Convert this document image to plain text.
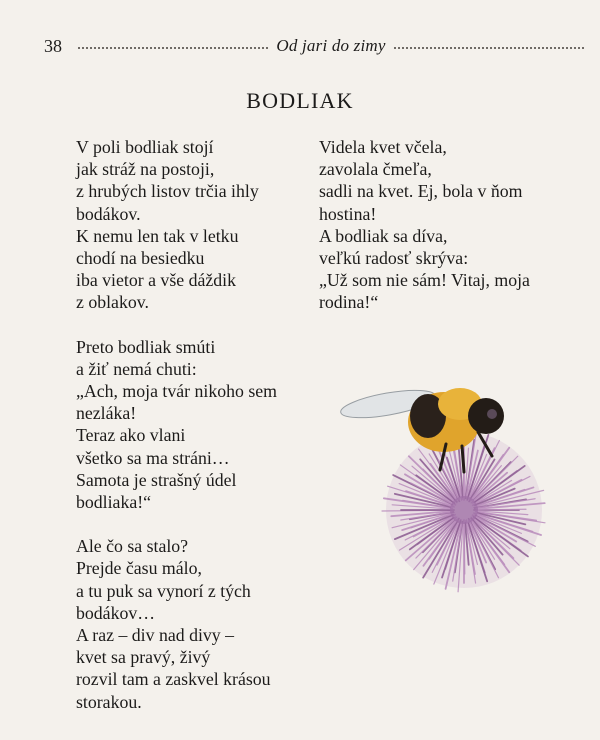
38	Od jari do zimy
BODLIAK
V poli bodliak stojí
jak stráž na postoji,
z hrubých listov trčia ihly
bodákov.
K nemu len tak v letku
chodí na besiedku
iba vietor a vše dáždik
z oblakov.
Preto bodliak smúti
a žiť nemá chuti:
„Ach, moja tvár nikoho sem
nezláka!
Teraz ako vlani
všetko sa ma stráni…
Samota je strašný údel
bodliaka!“
Ale čo sa stalo?
Prejde času málo,
a tu puk sa vynorí z tých
bodákov…
A raz – div nad divy –
kvet sa pravý, živý
rozvil tam a zaskvel krásou
storakou.
Videla kvet včela,
zavolala čmeľa,
sadli na kvet. Ej, bola v ňom
hostina!
A bodliak sa díva,
veľkú radosť skrýva:
„Už som nie sám! Vitaj, moja
rodina!“
